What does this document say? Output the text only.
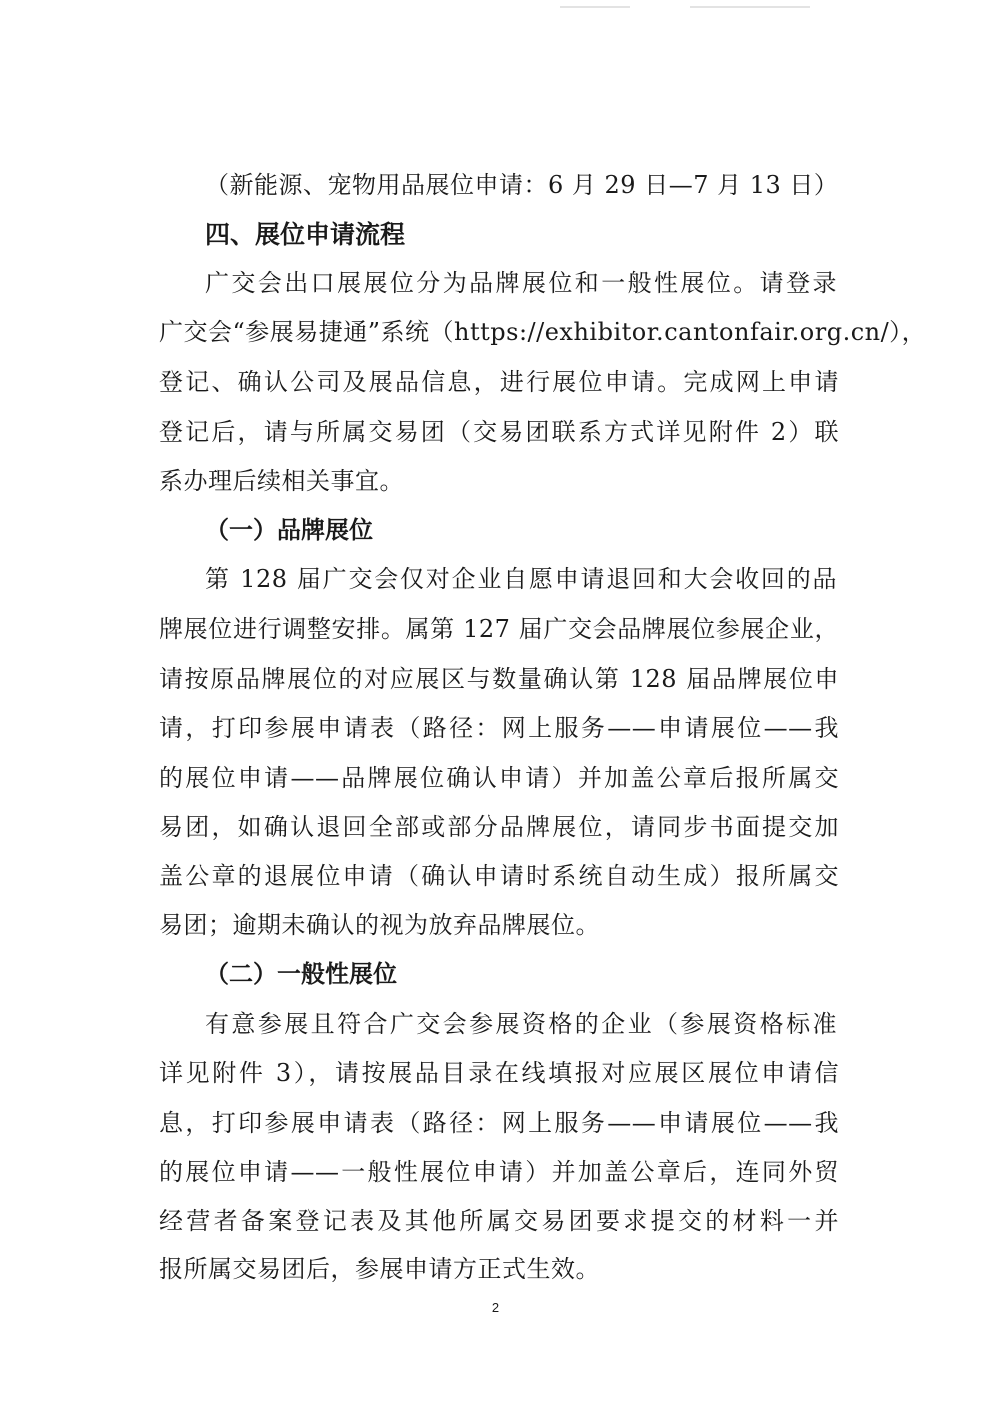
（新能源、宠物用品展位申请：6 月 29 日—7 月 13 日）
四、展位申请流程
广交会出口展展位分为品牌展位和一般性展位。请登录
广交会“参展易捷通”系统（https://exhibitor.cantonfair.org.cn/），
登记、确认公司及展品信息，进行展位申请。完成网上申请
登记后，请与所属交易团（交易团联系方式详见附件 2）联
系办理后续相关事宜。
（一）品牌展位
第 128 届广交会仅对企业自愿申请退回和大会收回的品
牌展位进行调整安排。属第 127 届广交会品牌展位参展企业，
请按原品牌展位的对应展区与数量确认第 128 届品牌展位申
请，打印参展申请表（路径：网上服务——申请展位——我
的展位申请——品牌展位确认申请）并加盖公章后报所属交
易团，如确认退回全部或部分品牌展位，请同步书面提交加
盖公章的退展位申请（确认申请时系统自动生成）报所属交
易团；逾期未确认的视为放弃品牌展位。
（二）一般性展位
有意参展且符合广交会参展资格的企业（参展资格标准
详见附件 3），请按展品目录在线填报对应展区展位申请信
息，打印参展申请表（路径：网上服务——申请展位——我
的展位申请——一般性展位申请）并加盖公章后，连同外贸
经营者备案登记表及其他所属交易团要求提交的材料一并
报所属交易团后，参展申请方正式生效。
2
